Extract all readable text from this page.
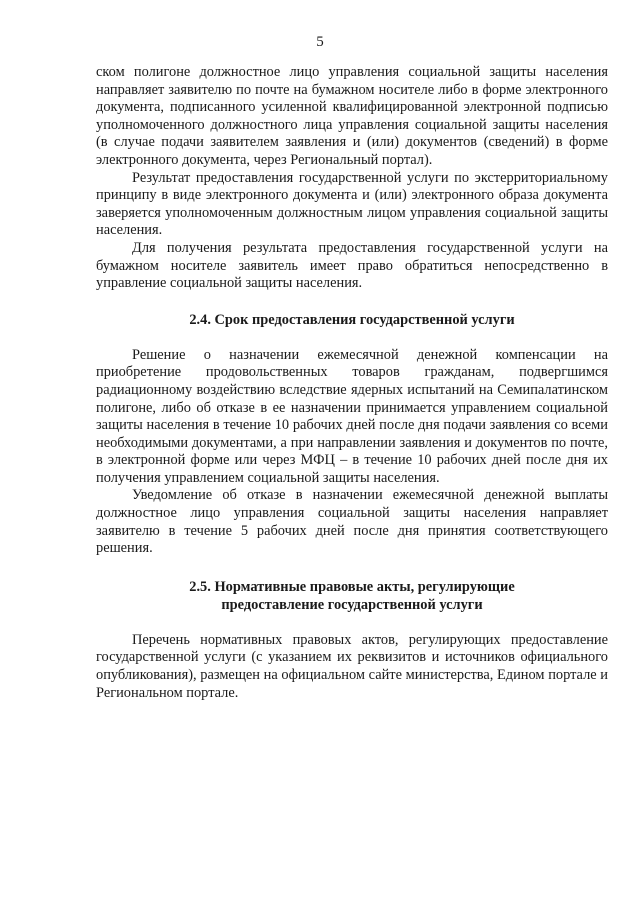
5

ском полигоне должностное лицо управления социальной защиты населения направляет заявителю по почте на бумажном носителе либо в форме электронного документа, подписанного усиленной квалифицированной электронной подписью уполномоченного должностного лица управления социальной защиты населения (в случае подачи заявителем заявления и (или) документов (сведений) в форме электронного документа, через Региональный портал).

Результат предоставления государственной услуги по экстерриториальному принципу в виде электронного документа и (или) электронного образа документа заверяется уполномоченным должностным лицом управления социальной защиты населения.

Для получения результата предоставления государственной услуги на бумажном носителе заявитель имеет право обратиться непосредственно в управление социальной защиты населения.

2.4. Срок предоставления государственной услуги

Решение о назначении ежемесячной денежной компенсации на приобретение продовольственных товаров гражданам, подвергшимся радиационному воздействию вследствие ядерных испытаний на Семипалатинском полигоне, либо об отказе в ее назначении принимается управлением социальной защиты населения в течение 10 рабочих дней после дня подачи заявления со всеми необходимыми документами, а при направлении заявления и документов по почте, в электронной форме или через МФЦ – в течение 10 рабочих дней после дня их получения управлением социальной защиты населения.

Уведомление об отказе в назначении ежемесячной денежной выплаты должностное лицо управления социальной защиты населения направляет заявителю в течение 5 рабочих дней после дня принятия соответствующего решения.

2.5. Нормативные правовые акты, регулирующие
предоставление государственной услуги

Перечень нормативных правовых актов, регулирующих предоставление государственной услуги (с указанием их реквизитов и источников официального опубликования), размещен на официальном сайте министерства, Едином портале и Региональном портале.
